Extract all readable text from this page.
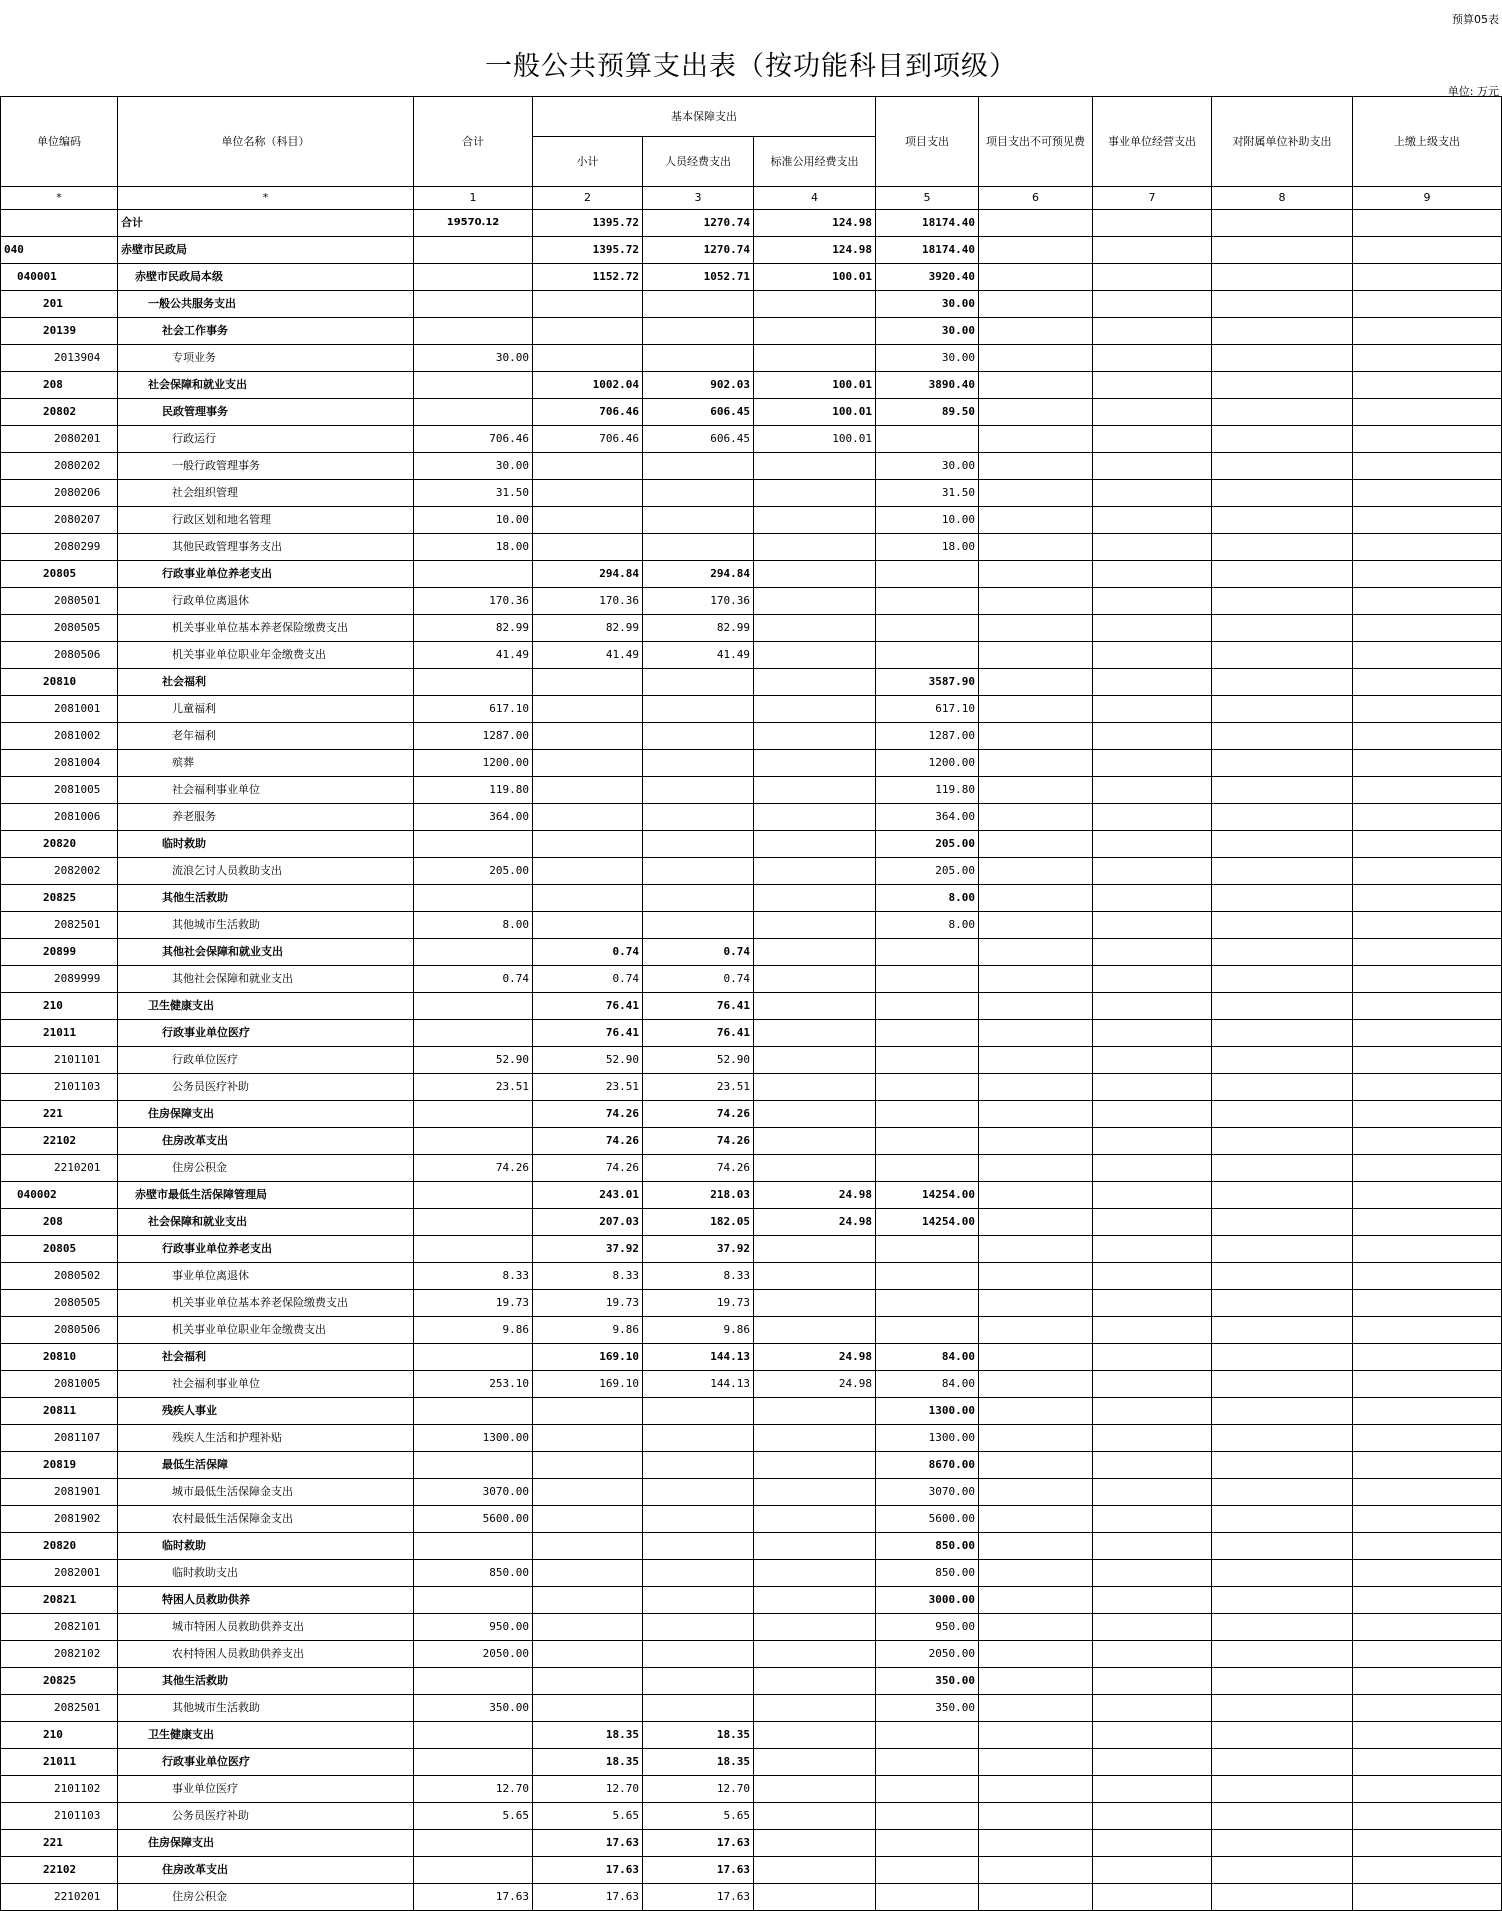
预算05表
一般公共预算支出表（按功能科目到项级）
单位: 万元
单位编码	单位名称（科目）	合计	基本保障支出			项目支出	项目支出不可预见费	事业单位经营支出	对附属单位补助支出	上缴上级支出
			小计	人员经费支出	标准公用经费支出					
*	*	1	2	3	4	5	6	7	8	9
	合计	19570.12	1395.72	1270.74	124.98	18174.40				
040	赤壁市民政局		1395.72	1270.74	124.98	18174.40				
040001	赤壁市民政局本级		1152.72	1052.71	100.01	3920.40				
201	一般公共服务支出					30.00				
20139	社会工作事务					30.00				
2013904	专项业务	30.00				30.00				
208	社会保障和就业支出		1002.04	902.03	100.01	3890.40				
20802	民政管理事务		706.46	606.45	100.01	89.50				
2080201	行政运行	706.46	706.46	606.45	100.01					
2080202	一般行政管理事务	30.00				30.00				
2080206	社会组织管理	31.50				31.50				
2080207	行政区划和地名管理	10.00				10.00				
2080299	其他民政管理事务支出	18.00				18.00				
20805	行政事业单位养老支出		294.84	294.84						
2080501	行政单位离退休	170.36	170.36	170.36						
2080505	机关事业单位基本养老保险缴费支出	82.99	82.99	82.99						
2080506	机关事业单位职业年金缴费支出	41.49	41.49	41.49						
20810	社会福利					3587.90				
2081001	儿童福利	617.10				617.10				
2081002	老年福利	1287.00				1287.00				
2081004	殡葬	1200.00				1200.00				
2081005	社会福利事业单位	119.80				119.80				
2081006	养老服务	364.00				364.00				
20820	临时救助					205.00				
2082002	流浪乞讨人员救助支出	205.00				205.00				
20825	其他生活救助					8.00				
2082501	其他城市生活救助	8.00				8.00				
20899	其他社会保障和就业支出		0.74	0.74						
2089999	其他社会保障和就业支出	0.74	0.74	0.74						
210	卫生健康支出		76.41	76.41						
21011	行政事业单位医疗		76.41	76.41						
2101101	行政单位医疗	52.90	52.90	52.90						
2101103	公务员医疗补助	23.51	23.51	23.51						
221	住房保障支出		74.26	74.26						
22102	住房改革支出		74.26	74.26						
2210201	住房公积金	74.26	74.26	74.26						
040002	赤壁市最低生活保障管理局		243.01	218.03	24.98	14254.00				
208	社会保障和就业支出		207.03	182.05	24.98	14254.00				
20805	行政事业单位养老支出		37.92	37.92						
2080502	事业单位离退休	8.33	8.33	8.33						
2080505	机关事业单位基本养老保险缴费支出	19.73	19.73	19.73						
2080506	机关事业单位职业年金缴费支出	9.86	9.86	9.86						
20810	社会福利		169.10	144.13	24.98	84.00				
2081005	社会福利事业单位	253.10	169.10	144.13	24.98	84.00				
20811	残疾人事业					1300.00				
2081107	残疾人生活和护理补贴	1300.00				1300.00				
20819	最低生活保障					8670.00				
2081901	城市最低生活保障金支出	3070.00				3070.00				
2081902	农村最低生活保障金支出	5600.00				5600.00				
20820	临时救助					850.00				
2082001	临时救助支出	850.00				850.00				
20821	特困人员救助供养					3000.00				
2082101	城市特困人员救助供养支出	950.00				950.00				
2082102	农村特困人员救助供养支出	2050.00				2050.00				
20825	其他生活救助					350.00				
2082501	其他城市生活救助	350.00				350.00				
210	卫生健康支出		18.35	18.35						
21011	行政事业单位医疗		18.35	18.35						
2101102	事业单位医疗	12.70	12.70	12.70						
2101103	公务员医疗补助	5.65	5.65	5.65						
221	住房保障支出		17.63	17.63						
22102	住房改革支出		17.63	17.63						
2210201	住房公积金	17.63	17.63	17.63						
